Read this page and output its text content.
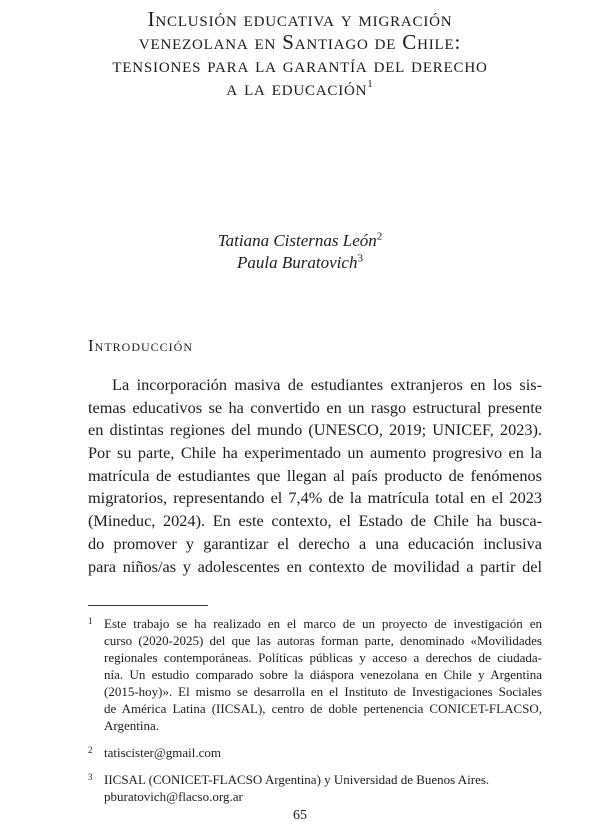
Inclusión educativa y migración
venezolana en Santiago de Chile:
tensiones para la garantía del derecho
a la educación$^1$
Tatiana Cisternas León$^2$
Paula Buratovich$^3$
Introducción
La incorporación masiva de estudiantes extranjeros en los sis-
temas educativos se ha convertido en un rasgo estructural presente
en distintas regiones del mundo (UNESCO, 2019; UNICEF, 2023).
Por su parte, Chile ha experimentado un aumento progresivo en la
matrícula de estudiantes que llegan al país producto de fenómenos
migratorios, representando el 7,4% de la matrícula total en el 2023
(Mineduc, 2024). En este contexto, el Estado de Chile ha busca-
do promover y garantizar el derecho a una educación inclusiva
para niños/as y adolescentes en contexto de movilidad a partir del
1 Este trabajo se ha realizado en el marco de un proyecto de investigación en
curso (2020-2025) del que las autoras forman parte, denominado «Movilidades
regionales contemporáneas. Políticas públicas y acceso a derechos de ciudada-
nía. Un estudio comparado sobre la diáspora venezolana en Chile y Argentina
(2015-hoy)». El mismo se desarrolla en el Instituto de Investigaciones Sociales
de América Latina (IICSAL), centro de doble pertenencia CONICET-FLACSO,
Argentina.
2 tatiscister@gmail.com
3 IICSAL (CONICET-FLACSO Argentina) y Universidad de Buenos Aires.
pburatovich@flacso.org.ar
65
